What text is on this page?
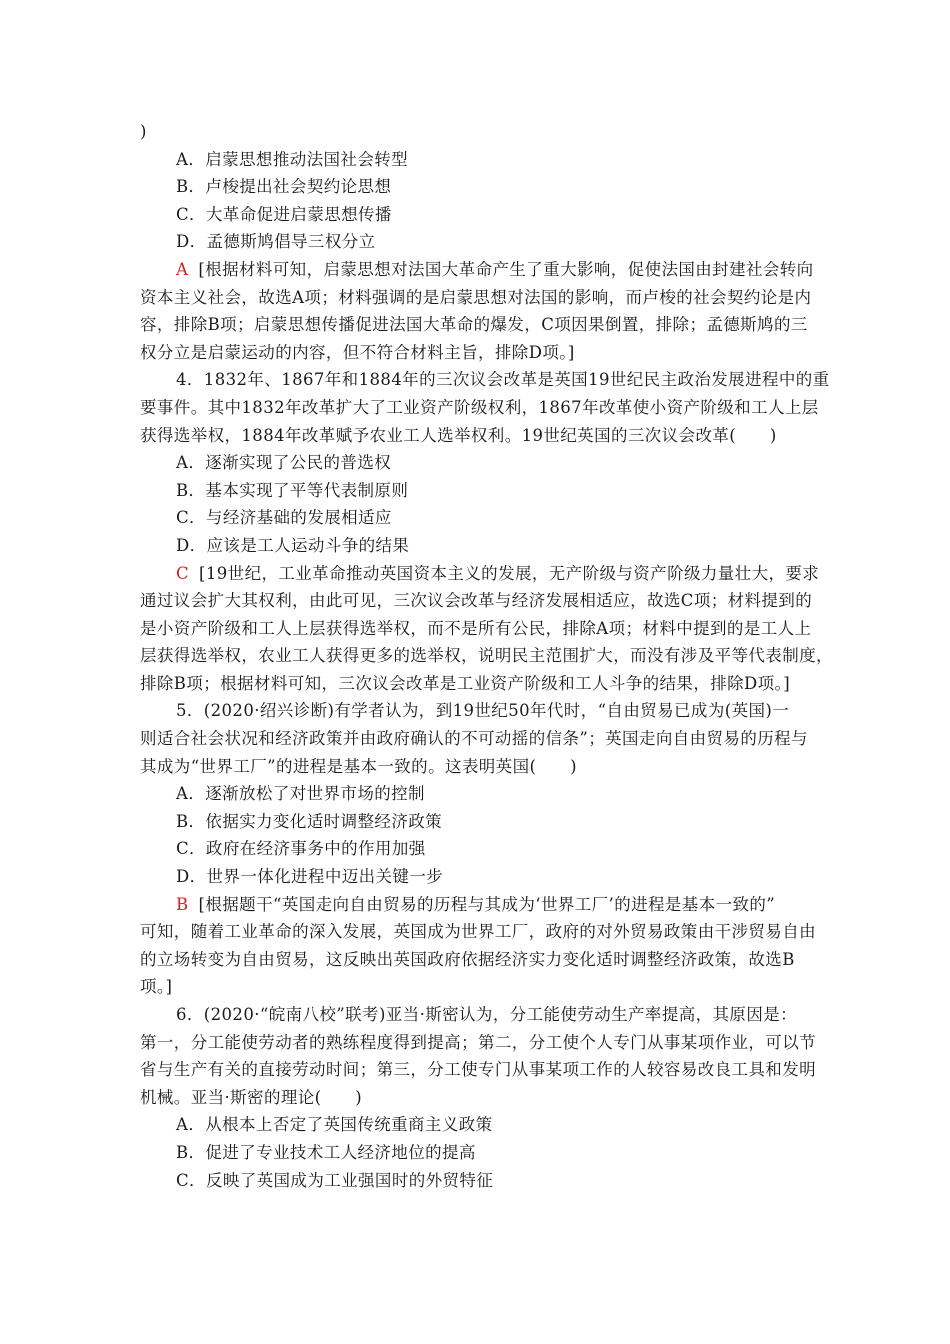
)
A．启蒙思想推动法国社会转型
B．卢梭提出社会契约论思想
C．大革命促进启蒙思想传播
D．孟德斯鸠倡导三权分立
A [根据材料可知，启蒙思想对法国大革命产生了重大影响，促使法国由封建社会转向
资本主义社会，故选A项；材料强调的是启蒙思想对法国的影响，而卢梭的社会契约论是内
容，排除B项；启蒙思想传播促进法国大革命的爆发，C项因果倒置，排除；孟德斯鸠的三
权分立是启蒙运动的内容，但不符合材料主旨，排除D项。]
4．1832年、1867年和1884年的三次议会改革是英国19世纪民主政治发展进程中的重
要事件。其中1832年改革扩大了工业资产阶级权利，1867年改革使小资产阶级和工人上层
获得选举权，1884年改革赋予农业工人选举权利。19世纪英国的三次议会改革(　　)
A．逐渐实现了公民的普选权
B．基本实现了平等代表制原则
C．与经济基础的发展相适应
D．应该是工人运动斗争的结果
C [19世纪，工业革命推动英国资本主义的发展，无产阶级与资产阶级力量壮大，要求
通过议会扩大其权利，由此可见，三次议会改革与经济发展相适应，故选C项；材料提到的
是小资产阶级和工人上层获得选举权，而不是所有公民，排除A项；材料中提到的是工人上
层获得选举权，农业工人获得更多的选举权，说明民主范围扩大，而没有涉及平等代表制度，
排除B项；根据材料可知，三次议会改革是工业资产阶级和工人斗争的结果，排除D项。]
5．(2020·绍兴诊断)有学者认为，到19世纪50年代时，“自由贸易已成为(英国)一
则适合社会状况和经济政策并由政府确认的不可动摇的信条”；英国走向自由贸易的历程与
其成为“世界工厂”的进程是基本一致的。这表明英国(　　)
A．逐渐放松了对世界市场的控制
B．依据实力变化适时调整经济政策
C．政府在经济事务中的作用加强
D．世界一体化进程中迈出关键一步
B [根据题干“英国走向自由贸易的历程与其成为‘世界工厂’的进程是基本一致的”
可知，随着工业革命的深入发展，英国成为世界工厂，政府的对外贸易政策由干涉贸易自由
的立场转变为自由贸易，这反映出英国政府依据经济实力变化适时调整经济政策，故选B
项。]
6．(2020·“皖南八校”联考)亚当·斯密认为，分工能使劳动生产率提高，其原因是：
第一，分工能使劳动者的熟练程度得到提高；第二，分工使个人专门从事某项作业，可以节
省与生产有关的直接劳动时间；第三，分工使专门从事某项工作的人较容易改良工具和发明
机械。亚当·斯密的理论(　　)
A．从根本上否定了英国传统重商主义政策
B．促进了专业技术工人经济地位的提高
C．反映了英国成为工业强国时的外贸特征
